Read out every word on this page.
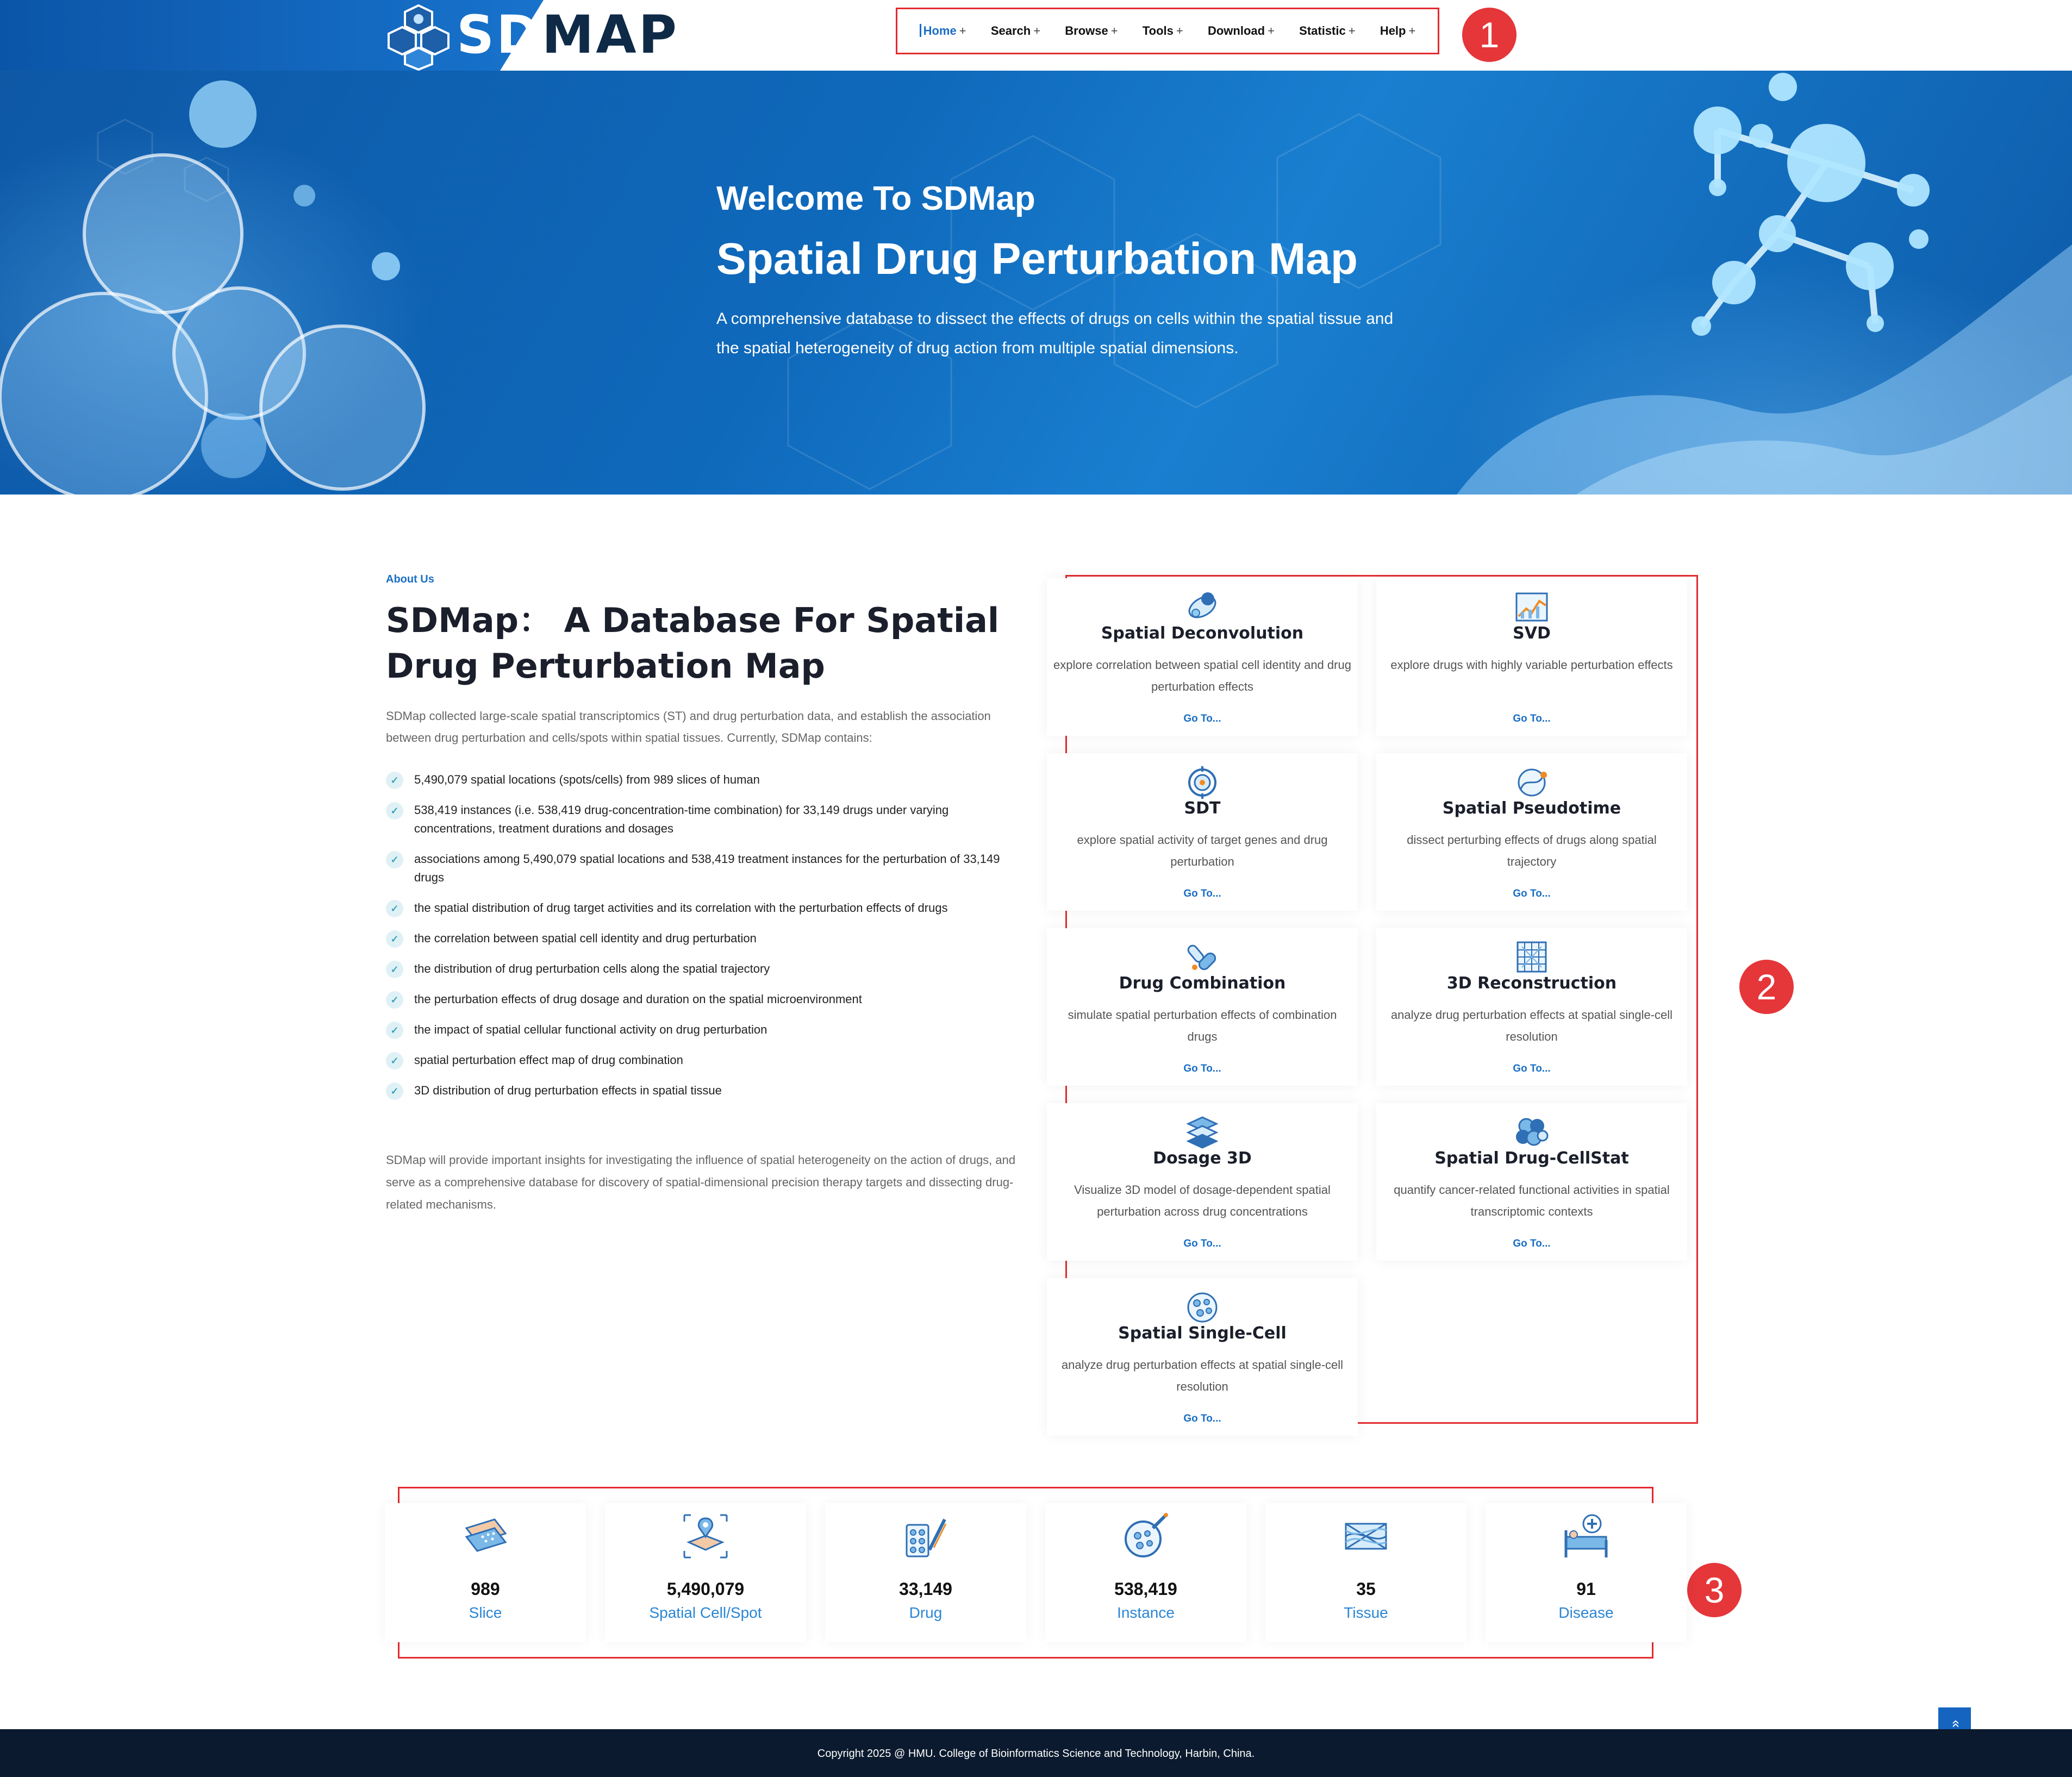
SDMAP	Home + Search + Browse + Tools + Download + Statistic + Help +	1
Welcome To SDMap
Spatial Drug Perturbation Map
A comprehensive database to dissect the effects of drugs on cells within the spatial tissue and the spatial heterogeneity of drug action from multiple spatial dimensions.
About Us
SDMap： A Database For Spatial Drug Perturbation Map
SDMap collected large-scale spatial transcriptomics (ST) and drug perturbation data, and establish the association between drug perturbation and cells/spots within spatial tissues. Currently, SDMap contains:
✓	5,490,079 spatial locations (spots/cells) from 989 slices of human
✓	538,419 instances (i.e. 538,419 drug-concentration-time combination) for 33,149 drugs under varying concentrations, treatment durations and dosages
✓	associations among 5,490,079 spatial locations and 538,419 treatment instances for the perturbation of 33,149 drugs
✓	the spatial distribution of drug target activities and its correlation with the perturbation effects of drugs
✓	the correlation between spatial cell identity and drug perturbation
✓	the distribution of drug perturbation cells along the spatial trajectory
✓	the perturbation effects of drug dosage and duration on the spatial microenvironment
✓	the impact of spatial cellular functional activity on drug perturbation
✓	spatial perturbation effect map of drug combination
✓	3D distribution of drug perturbation effects in spatial tissue
SDMap will provide important insights for investigating the influence of spatial heterogeneity on the action of drugs, and serve as a comprehensive database for discovery of spatial-dimensional precision therapy targets and dissecting drug-related mechanisms.
2
Spatial Deconvolution
explore correlation between spatial cell identity and drug perturbation effects
Go To...
SVD
explore drugs with highly variable perturbation effects
Go To...
SDT
explore spatial activity of target genes and drug perturbation
Go To...
Spatial Pseudotime
dissect perturbing effects of drugs along spatial trajectory
Go To...
Drug Combination
simulate spatial perturbation effects of combination drugs
Go To...
3D Reconstruction
analyze drug perturbation effects at spatial single-cell resolution
Go To...
Dosage 3D
Visualize 3D model of dosage-dependent spatial perturbation across drug concentrations
Go To...
Spatial Drug-CellStat
quantify cancer-related functional activities in spatial transcriptomic contexts
Go To...
Spatial Single-Cell
analyze drug perturbation effects at spatial single-cell resolution
Go To...
3
989
Slice
5,490,079
Spatial Cell/Spot
33,149
Drug
538,419
Instance
35
Tissue
91
Disease
»
Copyright 2025 @ HMU. College of Bioinformatics Science and Technology, Harbin, China.
